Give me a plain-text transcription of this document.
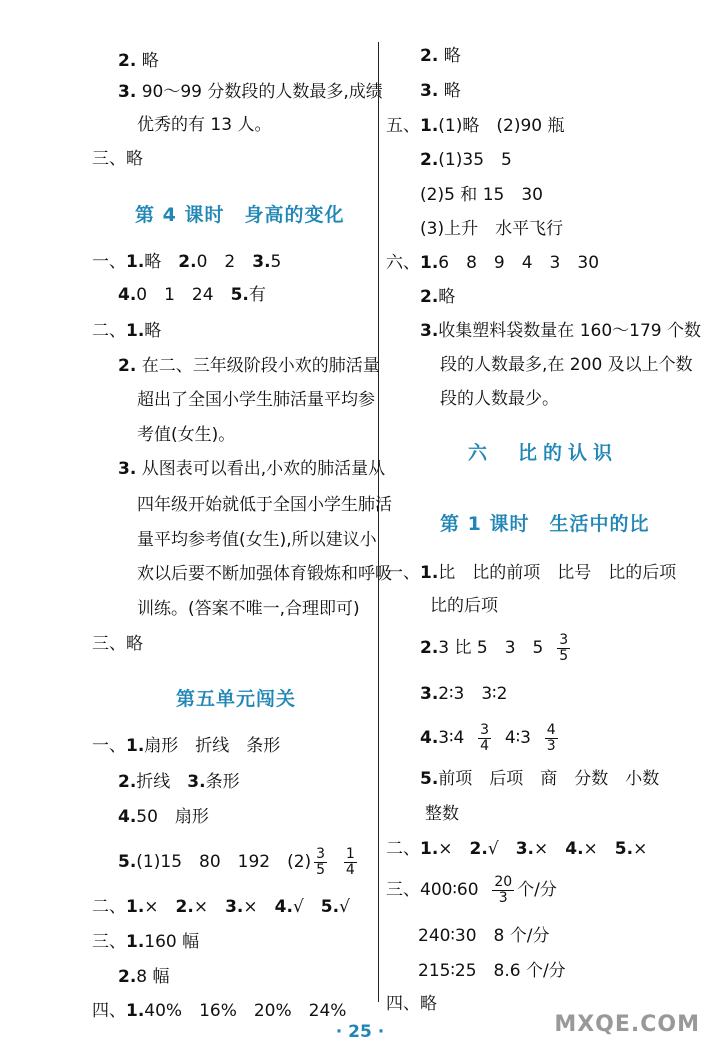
2. 略
3. 90～99 分数段的人数最多,成绩
优秀的有 13 人。
三、略
第 4 课时　身高的变化
一、1.略　2.0　2　3.5
4.0　1　24　5.有
二、1.略
2. 在二、三年级阶段小欢的肺活量
超出了全国小学生肺活量平均参
考值(女生)。
3. 从图表可以看出,小欢的肺活量从
四年级开始就低于全国小学生肺活
量平均参考值(女生),所以建议小
欢以后要不断加强体育锻炼和呼吸
训练。(答案不唯一,合理即可)
三、略
第五单元闯关
一、1.扇形　折线　条形
2.折线　3.条形
4.50　扇形
5.(1)15　80　192　$(2) \frac{3}{5}$
$\frac{1}{4}$
二、1.×　2.×　3.×　4.√　5.√
三、1.160 幅
2.8 幅
四、1.40%　16%　20%　24%
2. 略
3. 略
五、1.(1)略　(2)90 瓶
2.(1)35　5
(2)5 和 15　30
(3)上升　水平飞行
六、1.6　8　9　4　3　30
2.略
3.收集塑料袋数量在 160～179 个数
段的人数最多,在 200 及以上个数
段的人数最少。
六　比的认识
第 1 课时　生活中的比
一、1.比　比的前项　比号　比的后项
比的后项
2.3 比 5　3　$5 \frac{3}{5}$
3.2∶3　3∶2
4.3∶4 $\frac{3}{4}$ 4∶3 $\frac{4}{3}$
5.前项　后项　商　分数　小数
整数
二、1.×　2.√　3.×　4.×　5.×
三、400∶60 $\frac{20}{3}$ 个/分
240∶30　8 个/分
215∶25　8.6 个/分
四、略
MXQE.COM
· 25 ·
